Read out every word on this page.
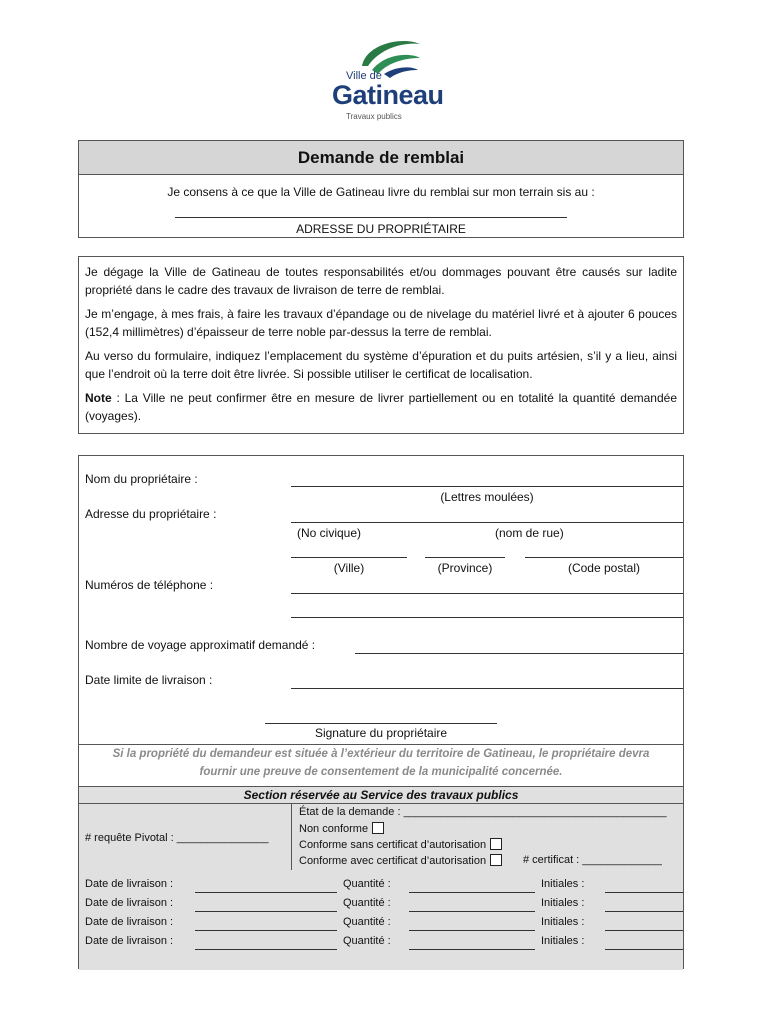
Ville de
Gatineau
Travaux publics
Demande de remblai
Je consens à ce que la Ville de Gatineau livre du remblai sur mon terrain sis au :
ADRESSE DU PROPRIÉTAIRE

Je dégage la Ville de Gatineau de toutes responsabilités et/ou dommages pouvant être causés sur ladite propriété dans le cadre des travaux de livraison de terre de remblai.

Je m’engage, à mes frais, à faire les travaux d’épandage ou de nivelage du matériel livré et à ajouter 6 pouces (152,4 millimètres) d’épaisseur de terre noble par-dessus la terre de remblai.

Au verso du formulaire, indiquez l’emplacement du système d’épuration et du puits artésien, s’il y a lieu, ainsi que l’endroit où la terre doit être livrée. Si possible utiliser le certificat de localisation.

Note : La Ville ne peut confirmer être en mesure de livrer partiellement ou en totalité la quantité demandée (voyages).

Nom du propriétaire :
(Lettres moulées)
Adresse du propriétaire :
(No civique)	(nom de rue)
(Ville)	(Province)	(Code postal)
Numéros de téléphone :
Nombre de voyage approximatif demandé :
Date limite de livraison :
Signature du propriétaire
Si la propriété du demandeur est située à l’extérieur du territoire de Gatineau, le propriétaire devra
fournir une preuve de consentement de la municipalité concernée.
Section réservée au Service des travaux publics
# requête Pivotal : _______________
État de la demande : ___________________________________________
Non conforme
Conforme sans certificat d’autorisation
Conforme avec certificat d’autorisation	# certificat : _____________
Date de livraison :	Quantité :	Initiales :
Date de livraison :	Quantité :	Initiales :
Date de livraison :	Quantité :	Initiales :
Date de livraison :	Quantité :	Initiales :
